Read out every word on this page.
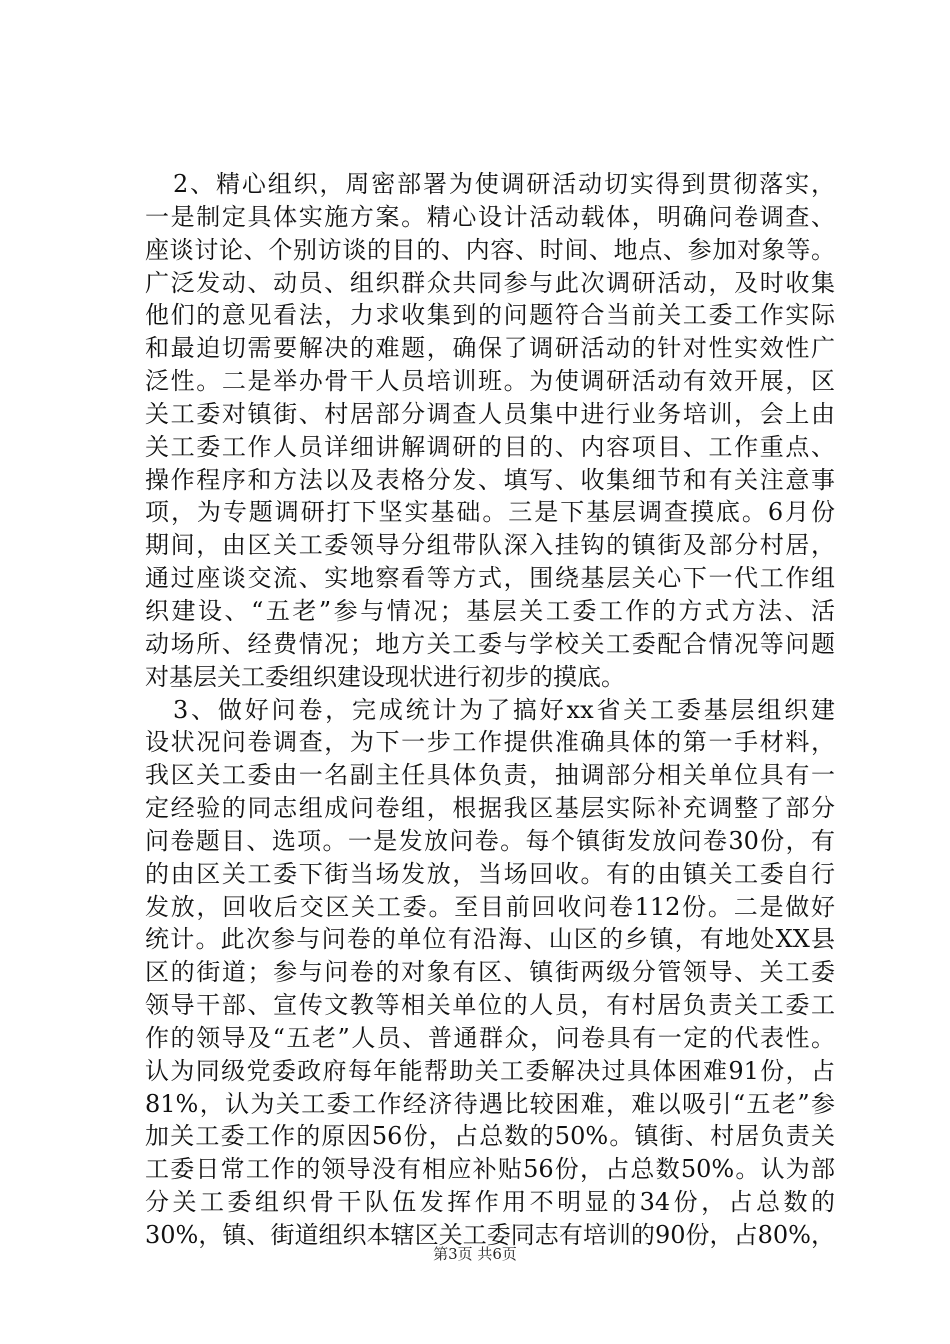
2、精心组织，周密部署为使调研活动切实得到贯彻落实，
一是制定具体实施方案。精心设计活动载体，明确问卷调查、
座谈讨论、个别访谈的目的、内容、时间、地点、参加对象等。
广泛发动、动员、组织群众共同参与此次调研活动，及时收集
他们的意见看法，力求收集到的问题符合当前关工委工作实际
和最迫切需要解决的难题，确保了调研活动的针对性实效性广
泛性。二是举办骨干人员培训班。为使调研活动有效开展，区
关工委对镇街、村居部分调查人员集中进行业务培训，会上由
关工委工作人员详细讲解调研的目的、内容项目、工作重点、
操作程序和方法以及表格分发、填写、收集细节和有关注意事
项，为专题调研打下坚实基础。三是下基层调查摸底。6月份
期间，由区关工委领导分组带队深入挂钩的镇街及部分村居，
通过座谈交流、实地察看等方式，围绕基层关心下一代工作组
织建设、“五老”参与情况；基层关工委工作的方式方法、活
动场所、经费情况；地方关工委与学校关工委配合情况等问题
对基层关工委组织建设现状进行初步的摸底。
3、做好问卷，完成统计为了搞好xx省关工委基层组织建
设状况问卷调查，为下一步工作提供准确具体的第一手材料，
我区关工委由一名副主任具体负责，抽调部分相关单位具有一
定经验的同志组成问卷组，根据我区基层实际补充调整了部分
问卷题目、选项。一是发放问卷。每个镇街发放问卷30份，有
的由区关工委下街当场发放，当场回收。有的由镇关工委自行
发放，回收后交区关工委。至目前回收问卷112份。二是做好
统计。此次参与问卷的单位有沿海、山区的乡镇，有地处XX县
区的街道；参与问卷的对象有区、镇街两级分管领导、关工委
领导干部、宣传文教等相关单位的人员，有村居负责关工委工
作的领导及“五老”人员、普通群众，问卷具有一定的代表性。
认为同级党委政府每年能帮助关工委解决过具体困难91份，占
81%，认为关工委工作经济待遇比较困难，难以吸引“五老”参
加关工委工作的原因56份，占总数的50%。镇街、村居负责关
工委日常工作的领导没有相应补贴56份，占总数50%。认为部
分关工委组织骨干队伍发挥作用不明显的34份，占总数的
30%，镇、街道组织本辖区关工委同志有培训的90份，占80%，
第3页 共6页
